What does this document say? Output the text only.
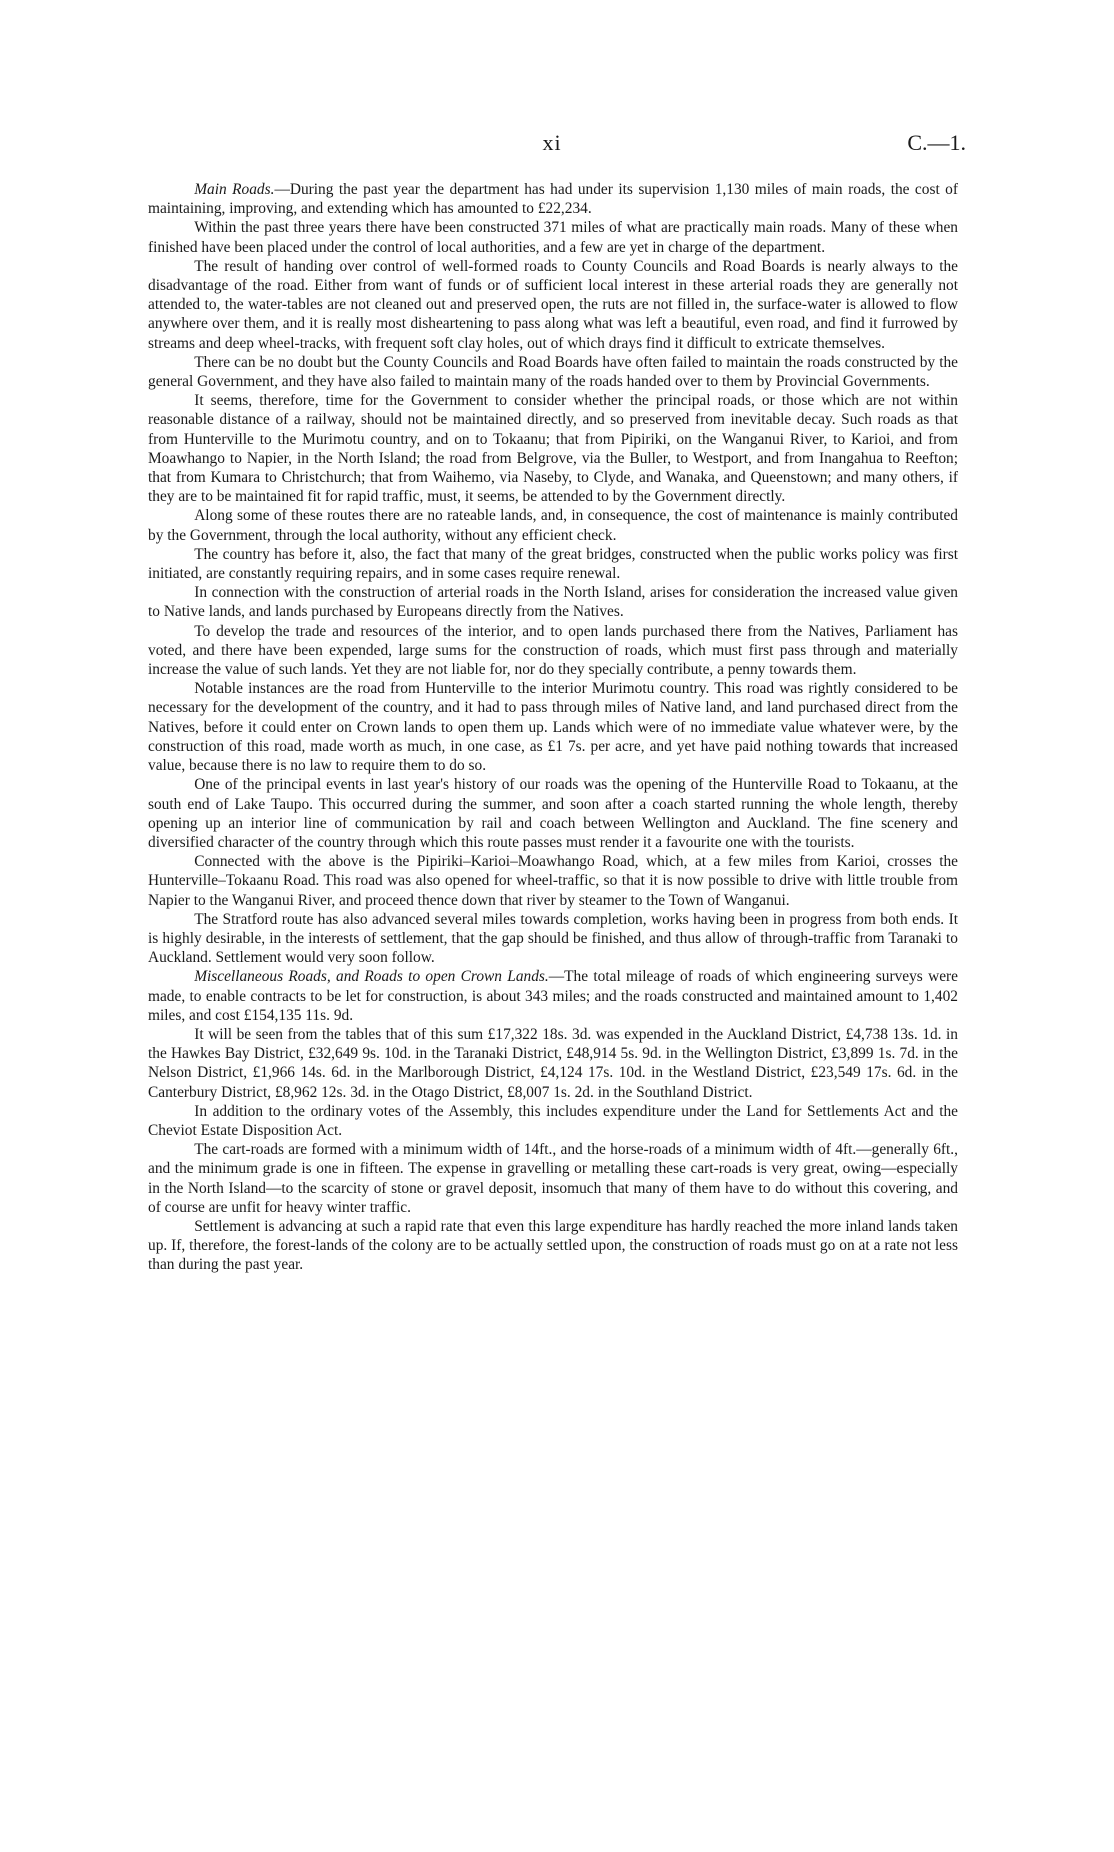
xi	C.—1.

Main Roads.—During the past year the department has had under its supervision 1,130 miles of main roads, the cost of maintaining, improving, and extending which has amounted to £22,234.

Within the past three years there have been constructed 371 miles of what are practically main roads. Many of these when finished have been placed under the control of local authorities, and a few are yet in charge of the department.

The result of handing over control of well-formed roads to County Councils and Road Boards is nearly always to the disadvantage of the road. Either from want of funds or of sufficient local interest in these arterial roads they are generally not attended to, the water-tables are not cleaned out and preserved open, the ruts are not filled in, the surface-water is allowed to flow anywhere over them, and it is really most disheartening to pass along what was left a beautiful, even road, and find it furrowed by streams and deep wheel-tracks, with frequent soft clay holes, out of which drays find it difficult to extricate themselves.

There can be no doubt but the County Councils and Road Boards have often failed to maintain the roads constructed by the general Government, and they have also failed to maintain many of the roads handed over to them by Provincial Governments.

It seems, therefore, time for the Government to consider whether the principal roads, or those which are not within reasonable distance of a railway, should not be maintained directly, and so preserved from inevitable decay. Such roads as that from Hunterville to the Murimotu country, and on to Tokaanu; that from Pipiriki, on the Wanganui River, to Karioi, and from Moawhango to Napier, in the North Island; the road from Belgrove, via the Buller, to Westport, and from Inangahua to Reefton; that from Kumara to Christchurch; that from Waihemo, via Naseby, to Clyde, and Wanaka, and Queenstown; and many others, if they are to be maintained fit for rapid traffic, must, it seems, be attended to by the Government directly.

Along some of these routes there are no rateable lands, and, in consequence, the cost of maintenance is mainly contributed by the Government, through the local authority, without any efficient check.

The country has before it, also, the fact that many of the great bridges, constructed when the public works policy was first initiated, are constantly requiring repairs, and in some cases require renewal.

In connection with the construction of arterial roads in the North Island, arises for consideration the increased value given to Native lands, and lands purchased by Europeans directly from the Natives.

To develop the trade and resources of the interior, and to open lands purchased there from the Natives, Parliament has voted, and there have been expended, large sums for the construction of roads, which must first pass through and materially increase the value of such lands. Yet they are not liable for, nor do they specially contribute, a penny towards them.

Notable instances are the road from Hunterville to the interior Murimotu country. This road was rightly considered to be necessary for the development of the country, and it had to pass through miles of Native land, and land purchased direct from the Natives, before it could enter on Crown lands to open them up. Lands which were of no immediate value whatever were, by the construction of this road, made worth as much, in one case, as £1 7s. per acre, and yet have paid nothing towards that increased value, because there is no law to require them to do so.

One of the principal events in last year's history of our roads was the opening of the Hunterville Road to Tokaanu, at the south end of Lake Taupo. This occurred during the summer, and soon after a coach started running the whole length, thereby opening up an interior line of communication by rail and coach between Wellington and Auckland. The fine scenery and diversified character of the country through which this route passes must render it a favourite one with the tourists.

Connected with the above is the Pipiriki–Karioi–Moawhango Road, which, at a few miles from Karioi, crosses the Hunterville–Tokaanu Road. This road was also opened for wheel-traffic, so that it is now possible to drive with little trouble from Napier to the Wanganui River, and proceed thence down that river by steamer to the Town of Wanganui.

The Stratford route has also advanced several miles towards completion, works having been in progress from both ends. It is highly desirable, in the interests of settlement, that the gap should be finished, and thus allow of through-traffic from Taranaki to Auckland. Settlement would very soon follow.

Miscellaneous Roads, and Roads to open Crown Lands.—The total mileage of roads of which engineering surveys were made, to enable contracts to be let for construction, is about 343 miles; and the roads constructed and maintained amount to 1,402 miles, and cost £154,135 11s. 9d.

It will be seen from the tables that of this sum £17,322 18s. 3d. was expended in the Auckland District, £4,738 13s. 1d. in the Hawkes Bay District, £32,649 9s. 10d. in the Taranaki District, £48,914 5s. 9d. in the Wellington District, £3,899 1s. 7d. in the Nelson District, £1,966 14s. 6d. in the Marlborough District, £4,124 17s. 10d. in the Westland District, £23,549 17s. 6d. in the Canterbury District, £8,962 12s. 3d. in the Otago District, £8,007 1s. 2d. in the Southland District.

In addition to the ordinary votes of the Assembly, this includes expenditure under the Land for Settlements Act and the Cheviot Estate Disposition Act.

The cart-roads are formed with a minimum width of 14ft., and the horse-roads of a minimum width of 4ft.—generally 6ft., and the minimum grade is one in fifteen. The expense in gravelling or metalling these cart-roads is very great, owing—especially in the North Island—to the scarcity of stone or gravel deposit, insomuch that many of them have to do without this covering, and of course are unfit for heavy winter traffic.

Settlement is advancing at such a rapid rate that even this large expenditure has hardly reached the more inland lands taken up. If, therefore, the forest-lands of the colony are to be actually settled upon, the construction of roads must go on at a rate not less than during the past year.
